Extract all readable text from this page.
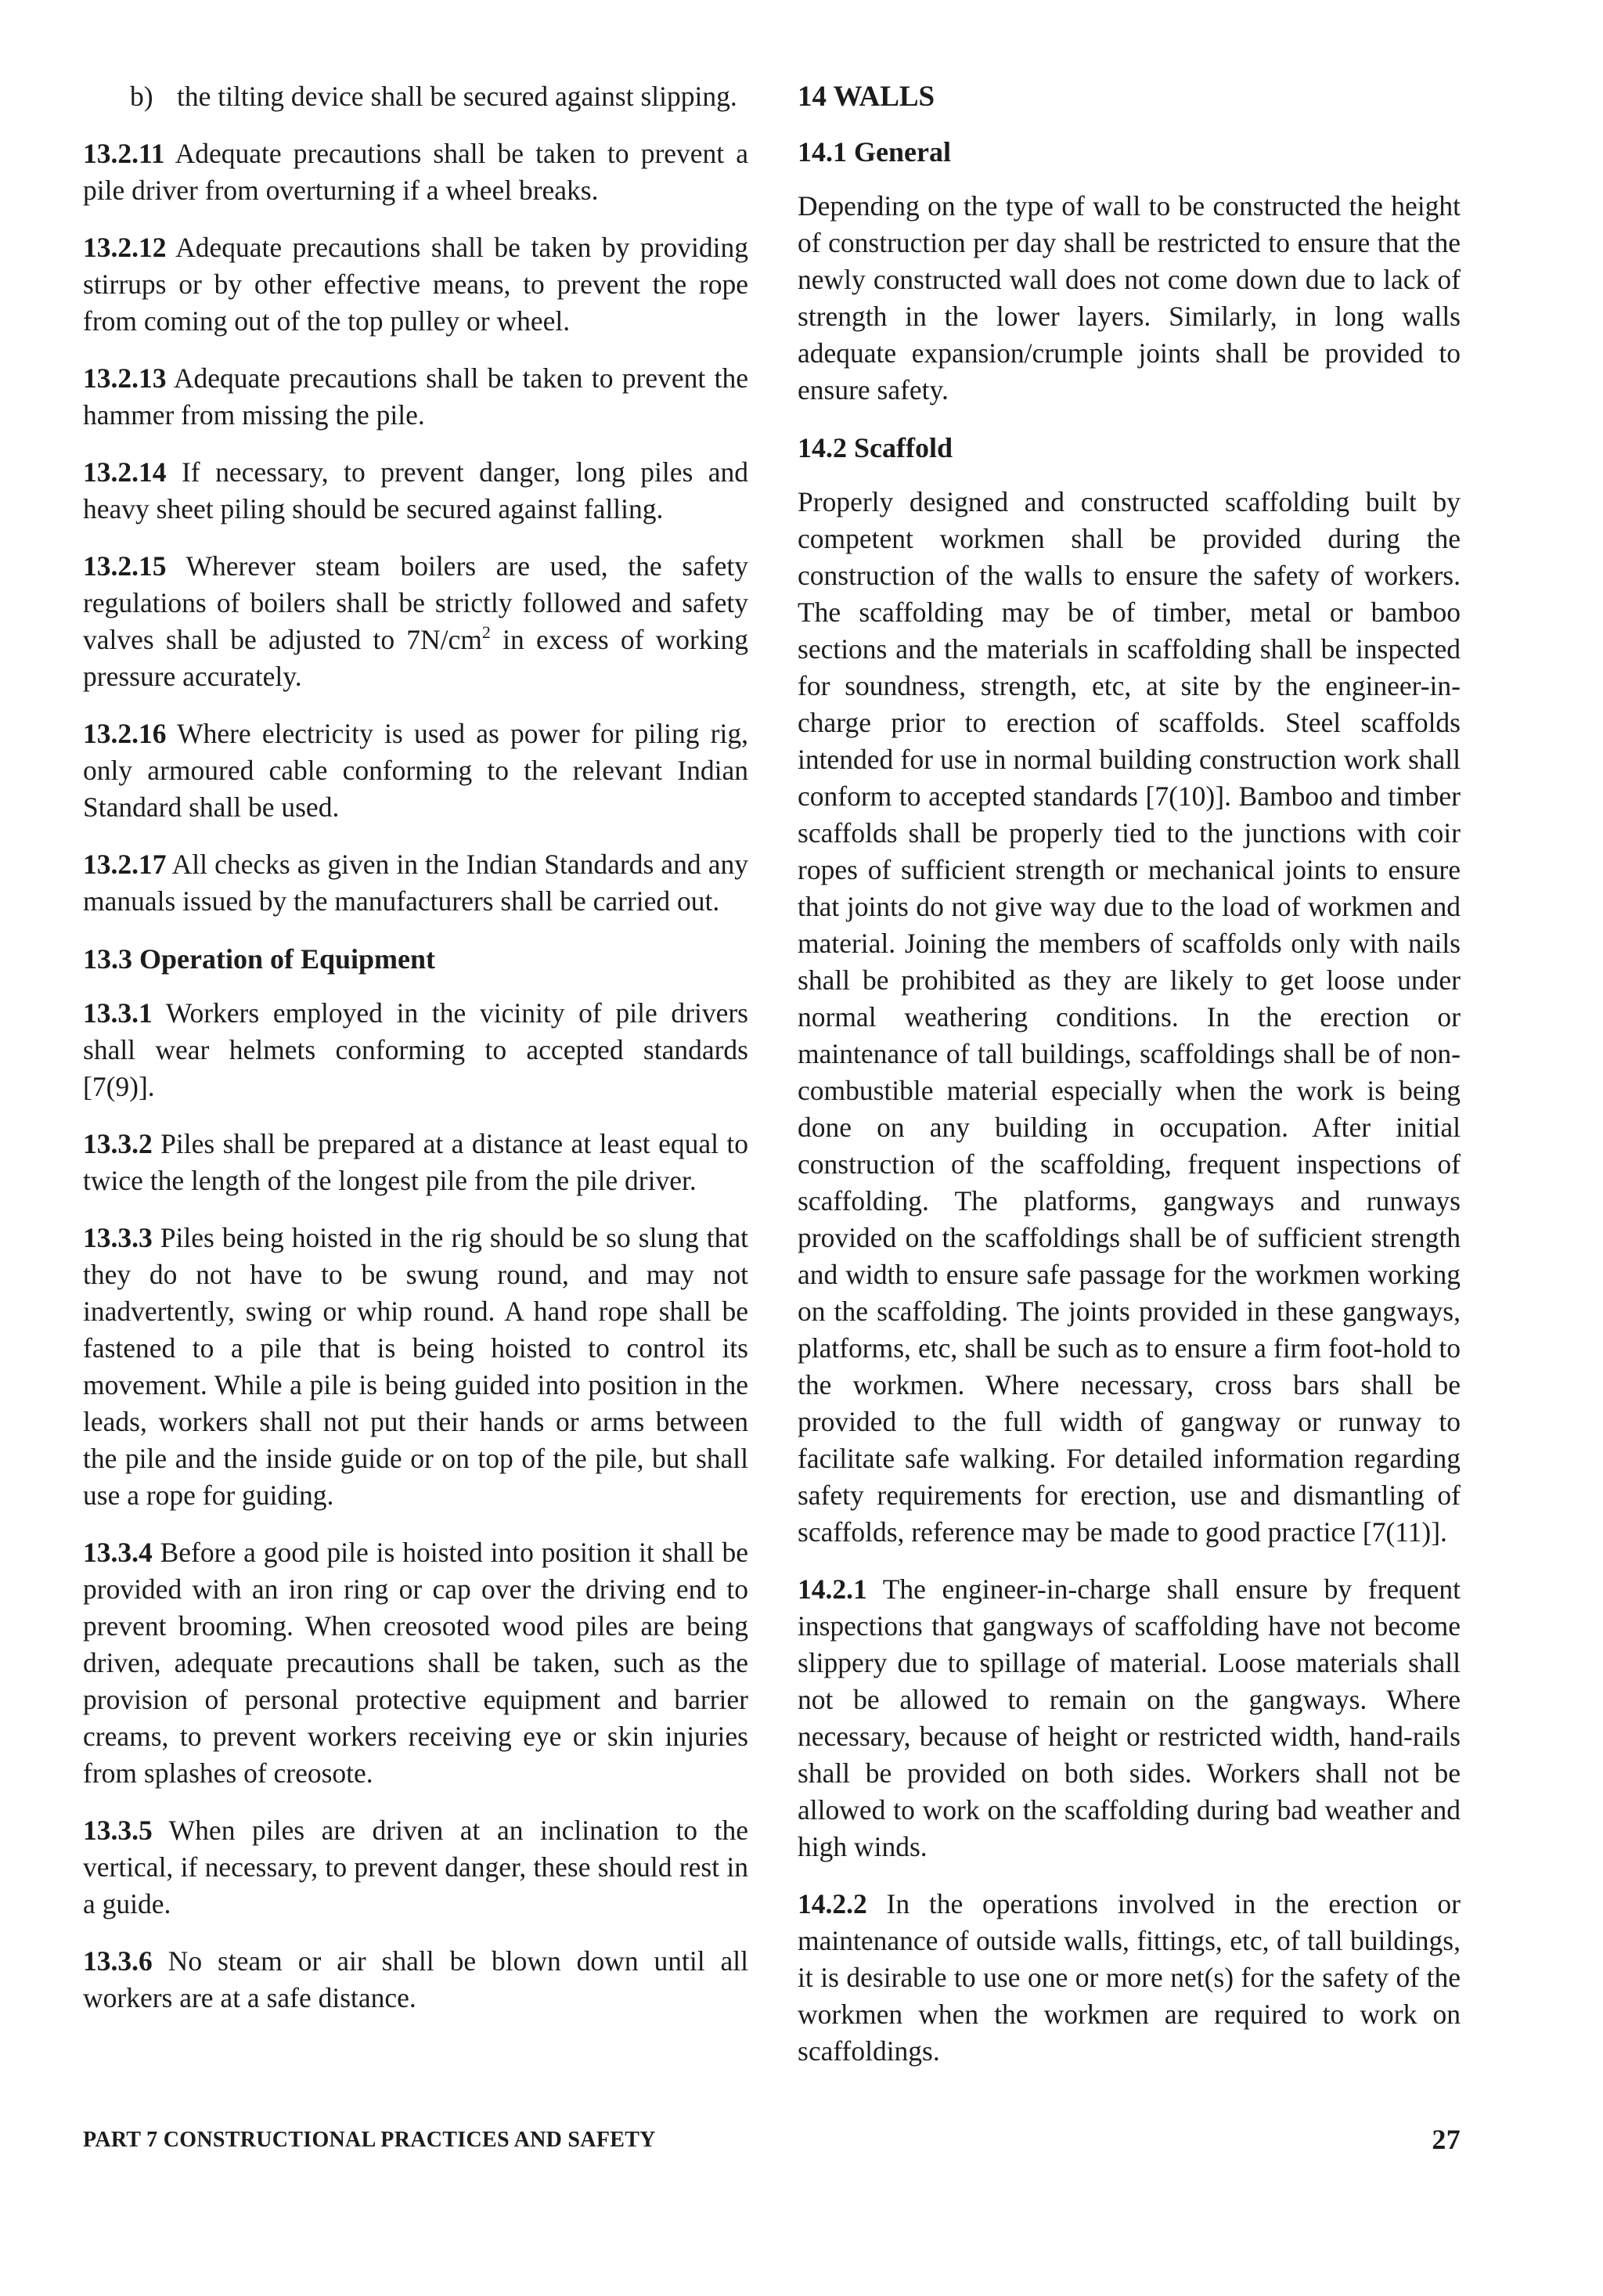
b) the tilting device shall be secured against slipping.

13.2.11 Adequate precautions shall be taken to prevent a pile driver from overturning if a wheel breaks.

13.2.12 Adequate precautions shall be taken by providing stirrups or by other effective means, to prevent the rope from coming out of the top pulley or wheel.

13.2.13 Adequate precautions shall be taken to prevent the hammer from missing the pile.

13.2.14 If necessary, to prevent danger, long piles and heavy sheet piling should be secured against falling.

13.2.15 Wherever steam boilers are used, the safety regulations of boilers shall be strictly followed and safety valves shall be adjusted to $7N/cm^2$ in excess of working pressure accurately.

13.2.16 Where electricity is used as power for piling rig, only armoured cable conforming to the relevant Indian Standard shall be used.

13.2.17 All checks as given in the Indian Standards and any manuals issued by the manufacturers shall be carried out.

13.3 Operation of Equipment

13.3.1 Workers employed in the vicinity of pile drivers shall wear helmets conforming to accepted standards [7(9)].

13.3.2 Piles shall be prepared at a distance at least equal to twice the length of the longest pile from the pile driver.

13.3.3 Piles being hoisted in the rig should be so slung that they do not have to be swung round, and may not inadvertently, swing or whip round. A hand rope shall be fastened to a pile that is being hoisted to control its movement. While a pile is being guided into position in the leads, workers shall not put their hands or arms between the pile and the inside guide or on top of the pile, but shall use a rope for guiding.

13.3.4 Before a good pile is hoisted into position it shall be provided with an iron ring or cap over the driving end to prevent brooming. When creosoted wood piles are being driven, adequate precautions shall be taken, such as the provision of personal protective equipment and barrier creams, to prevent workers receiving eye or skin injuries from splashes of creosote.

13.3.5 When piles are driven at an inclination to the vertical, if necessary, to prevent danger, these should rest in a guide.

13.3.6 No steam or air shall be blown down until all workers are at a safe distance.

14 WALLS
14.1 General

Depending on the type of wall to be constructed the height of construction per day shall be restricted to ensure that the newly constructed wall does not come down due to lack of strength in the lower layers. Similarly, in long walls adequate expansion/crumple joints shall be provided to ensure safety.

14.2 Scaffold

Properly designed and constructed scaffolding built by competent workmen shall be provided during the construction of the walls to ensure the safety of workers. The scaffolding may be of timber, metal or bamboo sections and the materials in scaffolding shall be inspected for soundness, strength, etc, at site by the engineer-in-charge prior to erection of scaffolds. Steel scaffolds intended for use in normal building construction work shall conform to accepted standards [7(10)]. Bamboo and timber scaffolds shall be properly tied to the junctions with coir ropes of sufficient strength or mechanical joints to ensure that joints do not give way due to the load of workmen and material. Joining the members of scaffolds only with nails shall be prohibited as they are likely to get loose under normal weathering conditions. In the erection or maintenance of tall buildings, scaffoldings shall be of non-combustible material especially when the work is being done on any building in occupation. After initial construction of the scaffolding, frequent inspections of scaffolding. The platforms, gangways and runways provided on the scaffoldings shall be of sufficient strength and width to ensure safe passage for the workmen working on the scaffolding. The joints provided in these gangways, platforms, etc, shall be such as to ensure a firm foot-hold to the workmen. Where necessary, cross bars shall be provided to the full width of gangway or runway to facilitate safe walking. For detailed information regarding safety requirements for erection, use and dismantling of scaffolds, reference may be made to good practice [7(11)].

14.2.1 The engineer-in-charge shall ensure by frequent inspections that gangways of scaffolding have not become slippery due to spillage of material. Loose materials shall not be allowed to remain on the gangways. Where necessary, because of height or restricted width, hand-rails shall be provided on both sides. Workers shall not be allowed to work on the scaffolding during bad weather and high winds.

14.2.2 In the operations involved in the erection or maintenance of outside walls, fittings, etc, of tall buildings, it is desirable to use one or more net(s) for the safety of the workmen when the workmen are required to work on scaffoldings.

PART 7 CONSTRUCTIONAL PRACTICES AND SAFETY	27
